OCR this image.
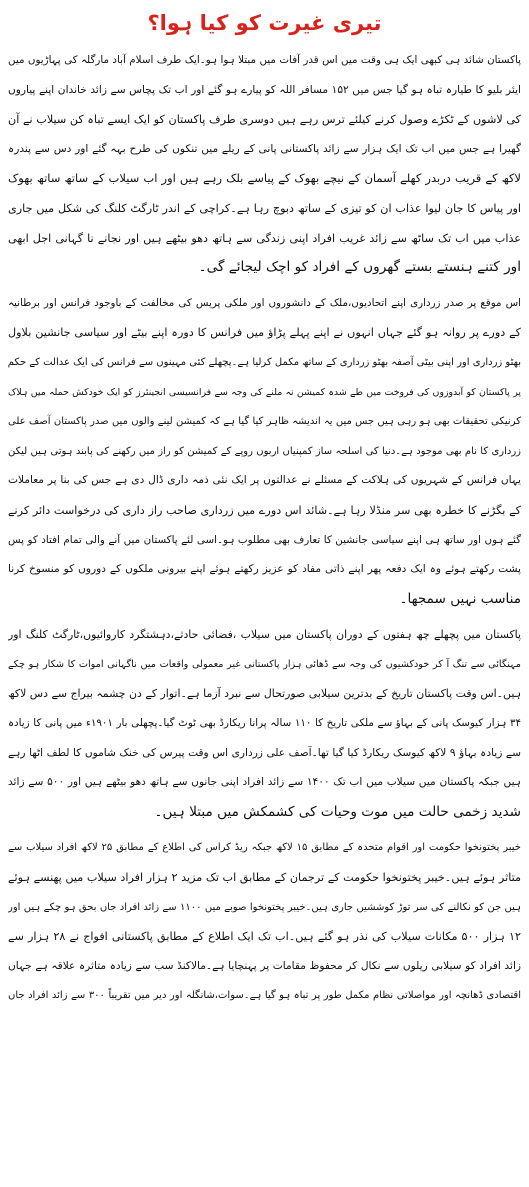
تیری غیرت کو کیا ہوا؟
پاکستان شائد ہی کبھی ایک ہی وقت میں اس قدر آفات میں مبتلا ہوا ہو۔ایک طرف اسلام آباد مارگلہ کی پہاڑیوں میں
ایئر بلیو کا طیارہ تباہ ہو گیا جس میں ۱۵۲ مسافر اللہ کو پیارے ہو گئے اور اب تک پچاس سے زائد خاندان اپنے پیاروں
کی لاشوں کے ٹکڑے وصول کرنے کیلئے ترس رہے ہیں دوسری طرف پاکستان کو ایک ایسے تباہ کن سیلاب نے آن
گھیرا ہے جس میں اب تک ایک ہزار سے زائد پاکستانی پانی کے ریلے میں تنکوں کی طرح بہہ گئے اور دس سے پندرہ
لاکھ کے قریب دربدر کھلے آسمان کے نیچے بھوک کے پیاسے بلک رہے ہیں اور اب سیلاب کے ساتھ ساتھ بھوک
اور پیاس کا جان لیوا عذاب ان کو تیزی کے ساتھ دبوچ رہا ہے۔کراچی کے اندر ٹارگٹ کلنگ کی شکل میں جاری
عذاب میں اب تک ساٹھ سے زائد غریب افراد اپنی زندگی سے ہاتھ دھو بیٹھے ہیں اور نجانے نا گہانی اجل ابھی
اور کتنے ہنستے بستے گھروں کے افراد کو اچک لیجائے گی۔
اس موقع پر صدر زرداری اپنے اتحادیوں،ملک کے دانشوروں اور ملکی پریس کی مخالفت کے باوجود فرانس اور برطانیہ
کے دورے پر روانہ ہو گئے جہاں انہوں نے اپنے پہلے پڑاؤ میں فرانس کا دورہ اپنے بیٹے اور سیاسی جانشین بلاول
بھٹو زرداری اور اپنی بیٹی آصفہ بھٹو زرداری کے ساتھ مکمل کرلیا ہے۔پچھلے کئی مہینوں سے فرانس کی ایک عدالت کے حکم
پر پاکستان کو آبدوزوں کی فروخت میں طے شدہ کمیشن نہ ملنے کی وجہ سے فرانسیسی انجینئرز کو ایک خودکش حملہ میں ہلاک
کرنیکی تحقیقات بھی ہو رہی ہیں جس میں یہ اندیشہ ظاہر کیا گیا ہے کہ کمیشن لینے والوں میں صدر پاکستان آصف علی
زرداری کا نام بھی موجود ہے۔دنیا کی اسلحہ ساز کمپنیاں اربوں روپے کے کمیشن کو راز میں رکھنے کی پابند ہوتی ہیں لیکن
یہاں فرانس کے شہریوں کی ہلاکت کے مسئلے نے عدالتوں پر ایک نئی ذمہ داری ڈال دی ہے جس کی بنا پر معاملات
کے بگڑنے کا خطرہ بھی سر منڈلا رہا ہے۔شائد اس دورے میں زرداری صاحب راز داری کی درخواست دائر کرنے
گئے ہوں اور ساتھ ہی اپنے سیاسی جانشین کا تعارف بھی مطلوب ہو۔اسی لئے پاکستان میں آنے والی تمام افتاد کو پس
پشت رکھتے ہوئے وہ ایک دفعہ پھر اپنے ذاتی مفاد کو عزیز رکھتے ہوئے اپنے بیرونی ملکوں کے دوروں کو منسوخ کرنا
مناسب نہیں سمجھا۔
پاکستان میں پچھلے چھ ہفتوں کے دوران پاکستان میں سیلاب ،فضائی حادثے،دہشتگرد کاروائیوں،ٹارگٹ کلنگ اور
مہنگائی سے تنگ آ کر خودکشیوں کی وجہ سے ڈھائی ہزار پاکستانی غیر معمولی واقعات میں ناگہانی اموات کا شکار ہو چکے
ہیں۔اس وقت پاکستان تاریخ کے بدترین سیلابی صورتحال سے نبرد آزما ہے۔اتوار کے دن چشمہ بیراج سے دس لاکھ
۳۴ ہزار کیوسک پانی کے بہاؤ سے ملکی تاریخ کا ۱۱۰ سالہ پرانا ریکارڈ بھی ٹوٹ گیا۔پچھلی بار ۱۹۰۱ء میں پانی کا زیادہ
سے زیادہ بہاؤ ۹ لاکھ کیوسک ریکارڈ کیا گیا تھا۔آصف علی زرداری اس وقت پیرس کی خنک شاموں کا لطف اٹھا رہے
ہیں جبکہ پاکستان میں سیلاب میں اب تک ۱۴۰۰ سے زائد افراد اپنی جانوں سے ہاتھ دھو بیٹھے ہیں اور ۵۰۰ سے زائد
شدید زخمی حالت میں موت وحیات کی کشمکش میں مبتلا ہیں۔
خیبر پختونخوا حکومت اور اقوام متحدہ کے مطابق ۱۵ لاکھ جبکہ ریڈ کراس کی اطلاع کے مطابق ۲۵ لاکھ افراد سیلاب سے
متاثر ہوئے ہیں۔خیبر پختونخوا حکومت کے ترجمان کے مطابق اب تک مزید ۲ ہزار افراد سیلاب میں پھنسے ہوئے
ہیں جن کو نکالنے کی سر توڑ کوششیں جاری ہیں۔خیبر پختونخوا صوبے میں ۱۱۰۰ سے زائد افراد جاں بحق ہو چکے ہیں اور
۱۲ ہزار ۵۰۰ مکانات سیلاب کی نذر ہو گئے ہیں۔اب تک ایک اطلاع کے مطابق پاکستانی افواج نے ۲۸ ہزار سے
زائد افراد کو سیلابی ریلوں سے نکال کر محفوظ مقامات پر پہنچایا ہے۔مالاکنڈ سب سے زیادہ متاثرہ علاقہ ہے جہاں
اقتصادی ڈھانچہ اور مواصلاتی نظام مکمل طور پر تباہ ہو گیا ہے۔سوات،شانگلہ اور دیر میں تقریباً ۳۰۰ سے زائد افراد جاں
